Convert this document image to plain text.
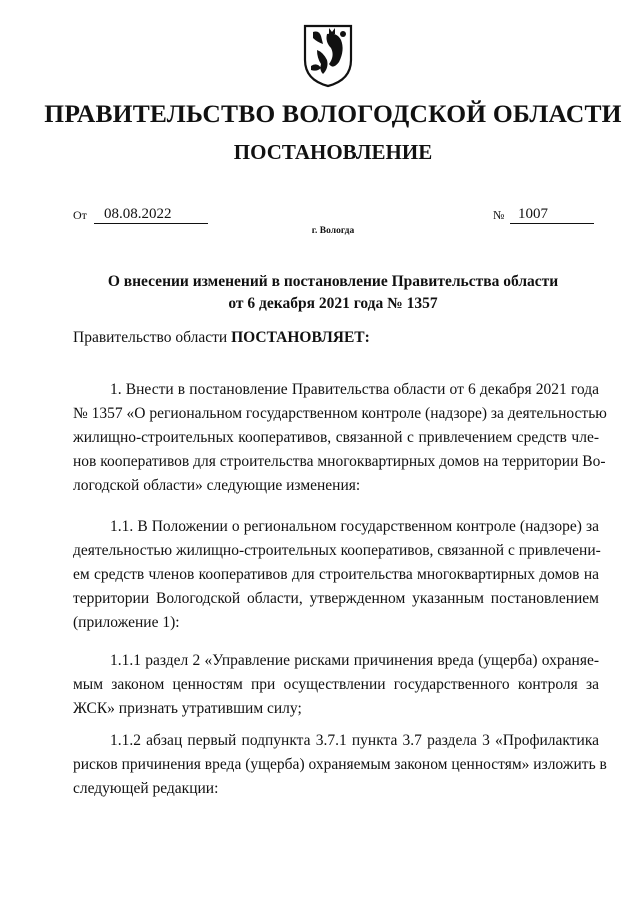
ПРАВИТЕЛЬСТВО ВОЛОГОДСКОЙ ОБЛАСТИ
ПОСТАНОВЛЕНИЕ
От	08.08.2022	№ 1007
г. Вологда
О внесении изменений в постановление Правительства области
от 6 декабря 2021 года № 1357
Правительство области ПОСТАНОВЛЯЕТ:
1. Внести в постановление Правительства области от 6 декабря 2021 года
№ 1357 «О региональном государственном контроле (надзоре) за деятельностью
жилищно-строительных кооперативов, связанной с привлечением средств чле-
нов кооперативов для строительства многоквартирных домов на территории Во-
логодской области» следующие изменения:
1.1. В Положении о региональном государственном контроле (надзоре) за
деятельностью жилищно-строительных кооперативов, связанной с привлечени-
ем средств членов кооперативов для строительства многоквартирных домов на
территории Вологодской области, утвержденном указанным постановлением
(приложение 1):
1.1.1 раздел 2 «Управление рисками причинения вреда (ущерба) охраняе-
мым законом ценностям при осуществлении государственного контроля за
ЖСК» признать утратившим силу;
1.1.2 абзац первый подпункта 3.7.1 пункта 3.7 раздела 3 «Профилактика
рисков причинения вреда (ущерба) охраняемым законом ценностям» изложить в
следующей редакции:
